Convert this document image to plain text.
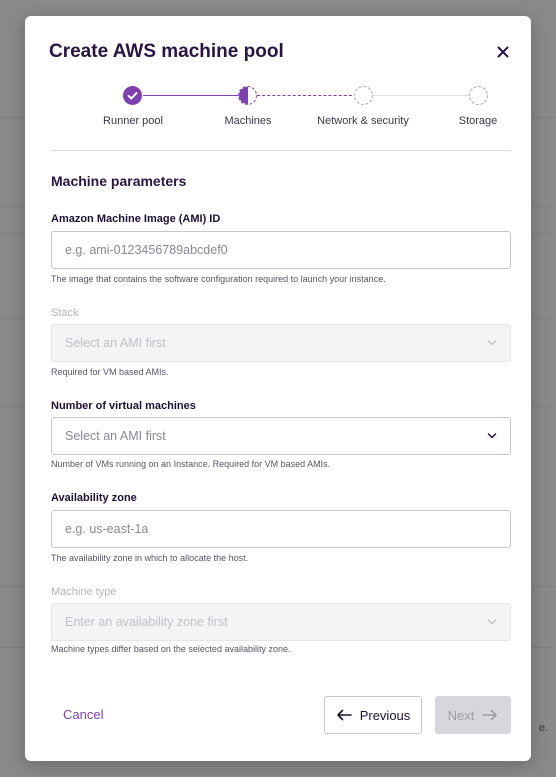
e.
Create AWS machine pool
Runner pool	Machines	Network & security	Storage
Machine parameters
Amazon Machine Image (AMI) ID
e.g. ami-0123456789abcdef0
The image that contains the software configuration required to launch your instance.
Stack
Select an AMI first
Required for VM based AMIs.
Number of virtual machines
Select an AMI first
Number of VMs running on an Instance. Required for VM based AMIs.
Availability zone
e.g. us-east-1a
The availability zone in which to allocate the host.
Machine type
Enter an availability zone first
Machine types differ based on the selected availability zone.
Cancel	Previous	Next
